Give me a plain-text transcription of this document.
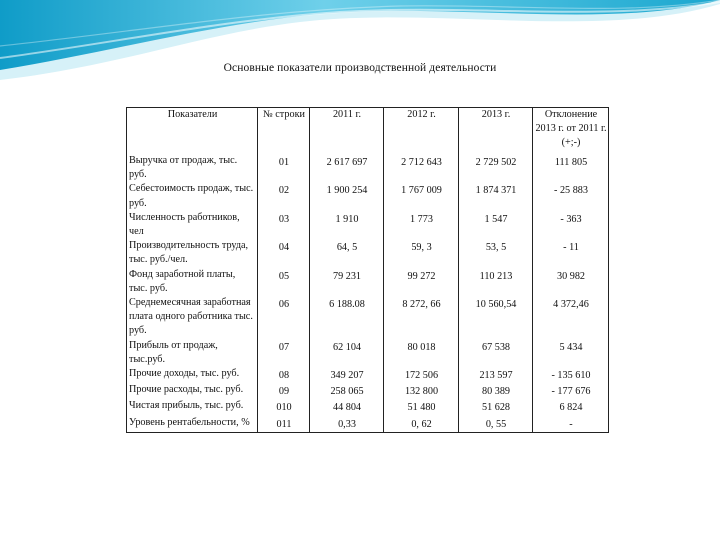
Основные показатели производственной деятельности
Показатели	№ строки	2011 г.	2012 г.	2013 г.	Отклонение 2013 г. от 2011 г.(+;-)
Выручка от продаж, тыс. руб.	01	2 617 697	2 712 643	2 729 502	111 805
Себестоимость продаж, тыс. руб.	02	1 900 254	1 767 009	1 874 371	- 25 883
Численность работников, чел	03	1 910	1 773	1 547	- 363
Производительность труда, тыс. руб./чел.	04	64, 5	59, 3	53, 5	- 11
Фонд заработной платы, тыс. руб.	05	79 231	99 272	110 213	30 982
Среднемесячная заработная плата одного работника тыс. руб.	06	6 188.08	8 272, 66	10 560,54	4 372,46
Прибыль от продаж, тыс.руб.	07	62 104	80 018	67 538	5 434
Прочие доходы, тыс. руб.	08	349 207	172 506	213 597	- 135 610
Прочие расходы, тыс. руб.	09	258 065	132 800	80 389	- 177 676
Чистая прибыль, тыс. руб.	010	44 804	51 480	51 628	6 824
Уровень рентабельности, %	011	0,33	0, 62	0, 55	-
